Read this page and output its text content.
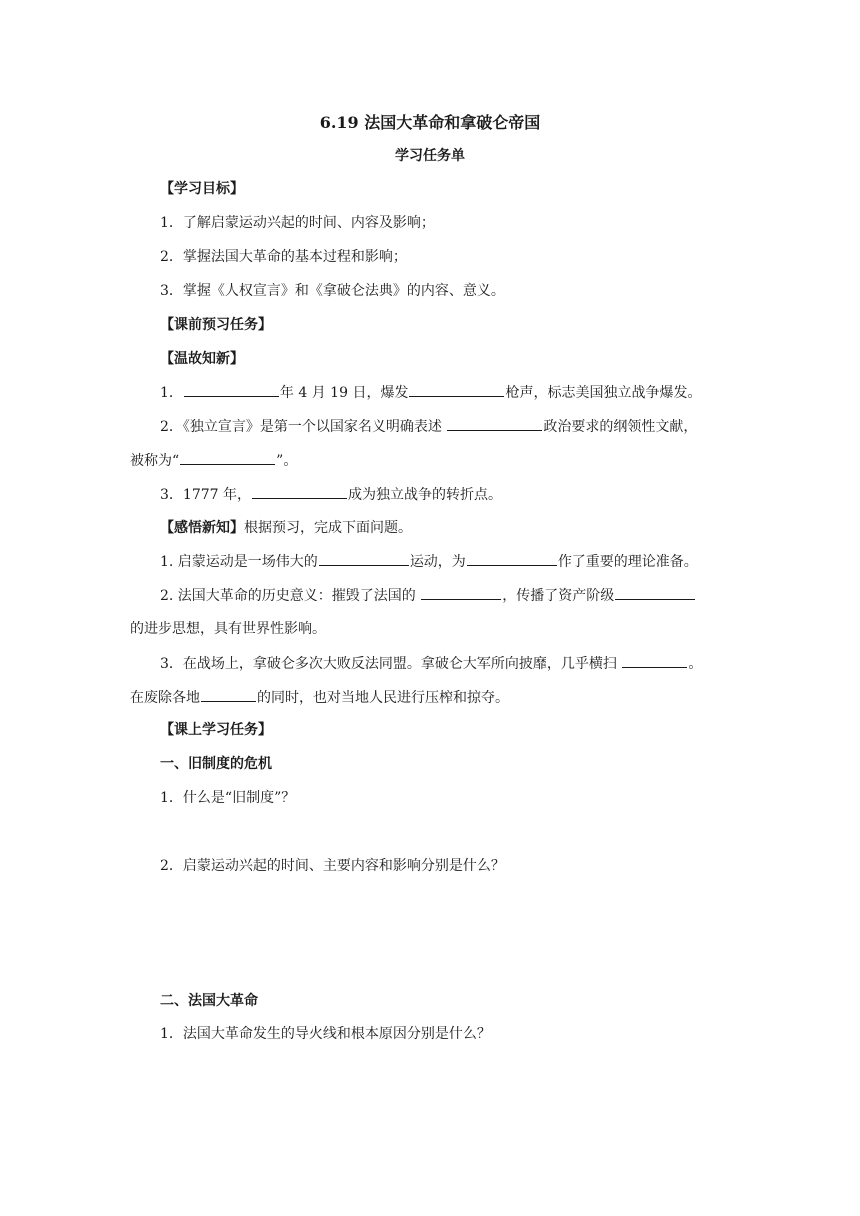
6.19 法国大革命和拿破仑帝国
学习任务单
【学习目标】
1．了解启蒙运动兴起的时间、内容及影响；
2．掌握法国大革命的基本过程和影响；
3．掌握《人权宣言》和《拿破仑法典》的内容、意义。
【课前预习任务】
【温故知新】
1．	年 4 月 19 日，爆发	枪声，标志美国独立战争爆发。
2．《独立宣言》是第一个以国家名义明确表述	政治要求的纲领性文献，
被称为“	”。
3．1777 年，	成为独立战争的转折点。
【感悟新知】根据预习，完成下面问题。
1. 启蒙运动是一场伟大的	运动，为	作了重要的理论准备。
2. 法国大革命的历史意义：摧毁了法国的	，传播了资产阶级
的进步思想，具有世界性影响。
3．在战场上，拿破仑多次大败反法同盟。拿破仑大军所向披靡，几乎横扫	。
在废除各地	的同时，也对当地人民进行压榨和掠夺。
【课上学习任务】
一、旧制度的危机
1．什么是“旧制度”？
2．启蒙运动兴起的时间、主要内容和影响分别是什么？
二、法国大革命
1．法国大革命发生的导火线和根本原因分别是什么？
